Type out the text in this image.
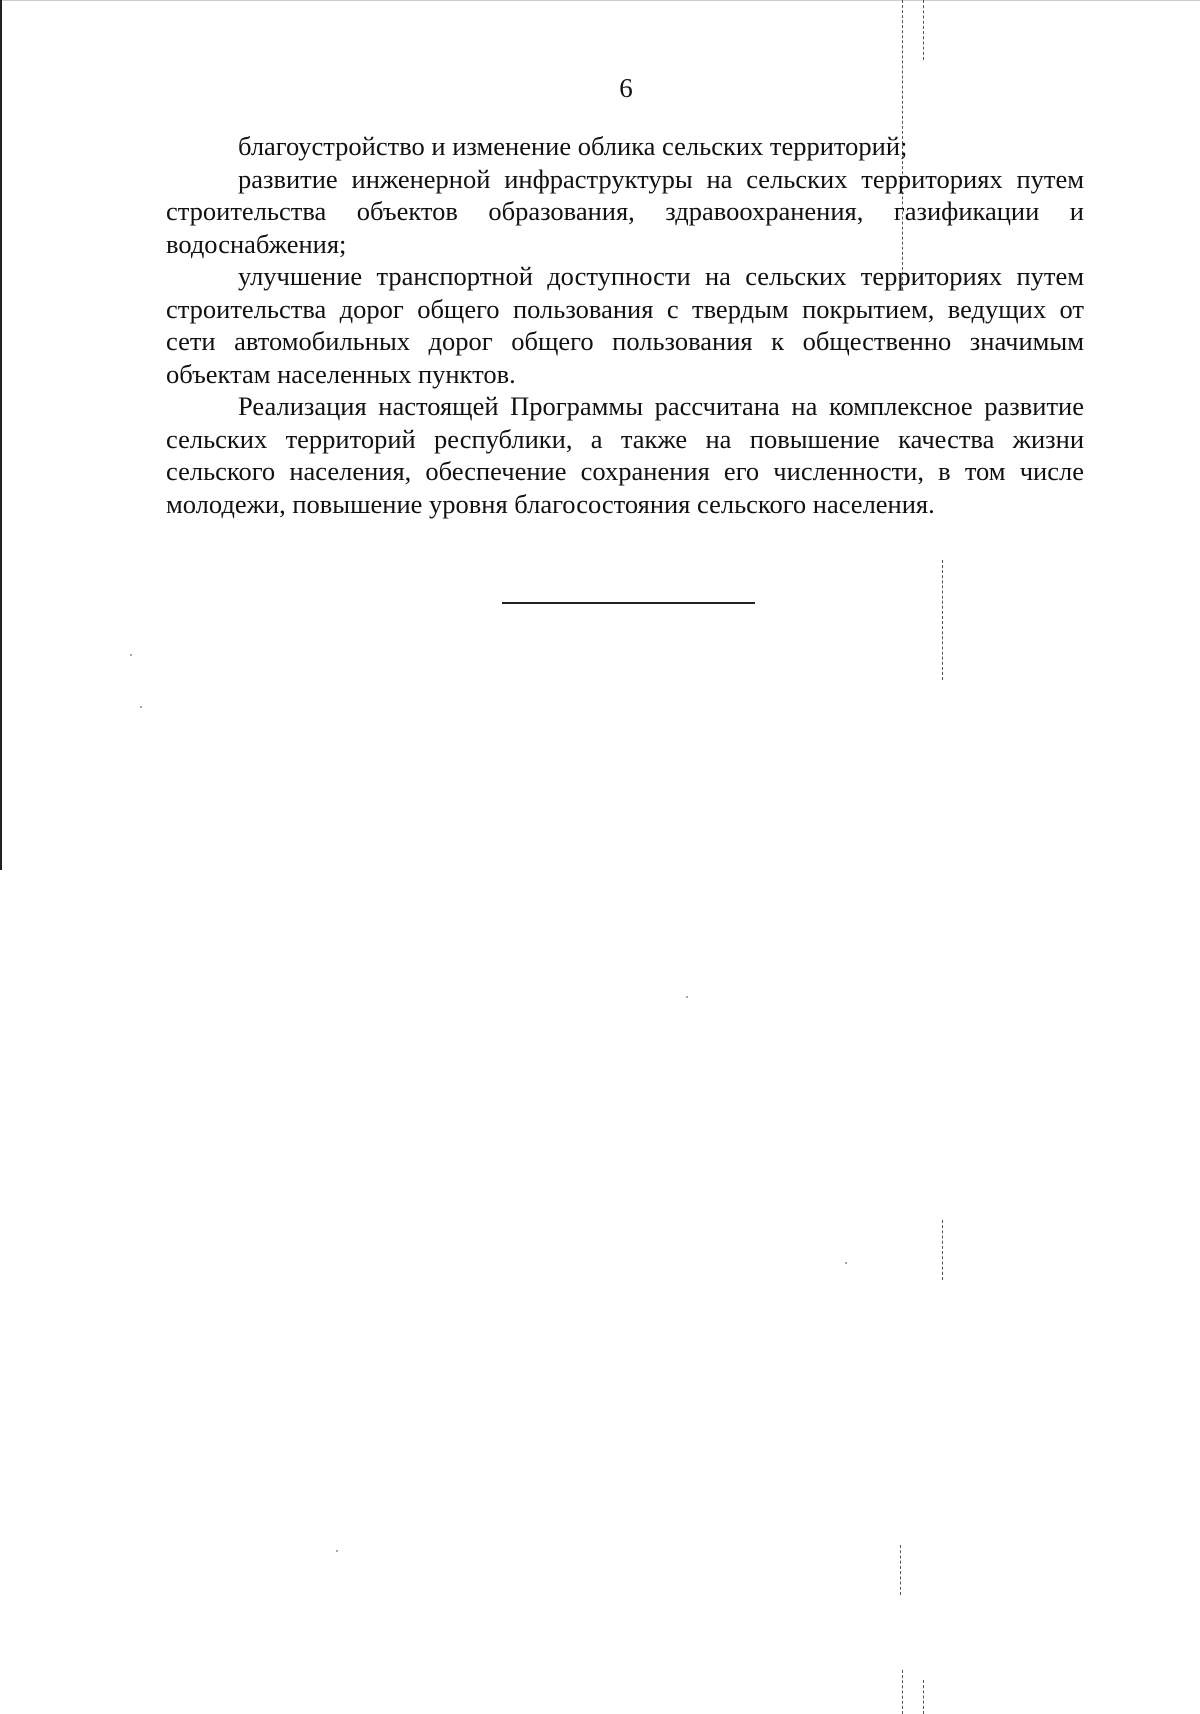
6

благоустройство и изменение облика сельских территорий;

развитие инженерной инфраструктуры на сельских территориях путем строительства объектов образования, здравоохранения, газификации и водоснабжения;

улучшение транспортной доступности на сельских территориях путем строительства дорог общего пользования с твердым покрытием, ведущих от сети автомобильных дорог общего пользования к общественно значимым объектам населенных пунктов.

Реализация настоящей Программы рассчитана на комплексное развитие сельских территорий республики, а также на повышение качества жизни сельского населения, обеспечение сохранения его численности, в том числе молодежи, повышение уровня благосостояния сельского населения.
